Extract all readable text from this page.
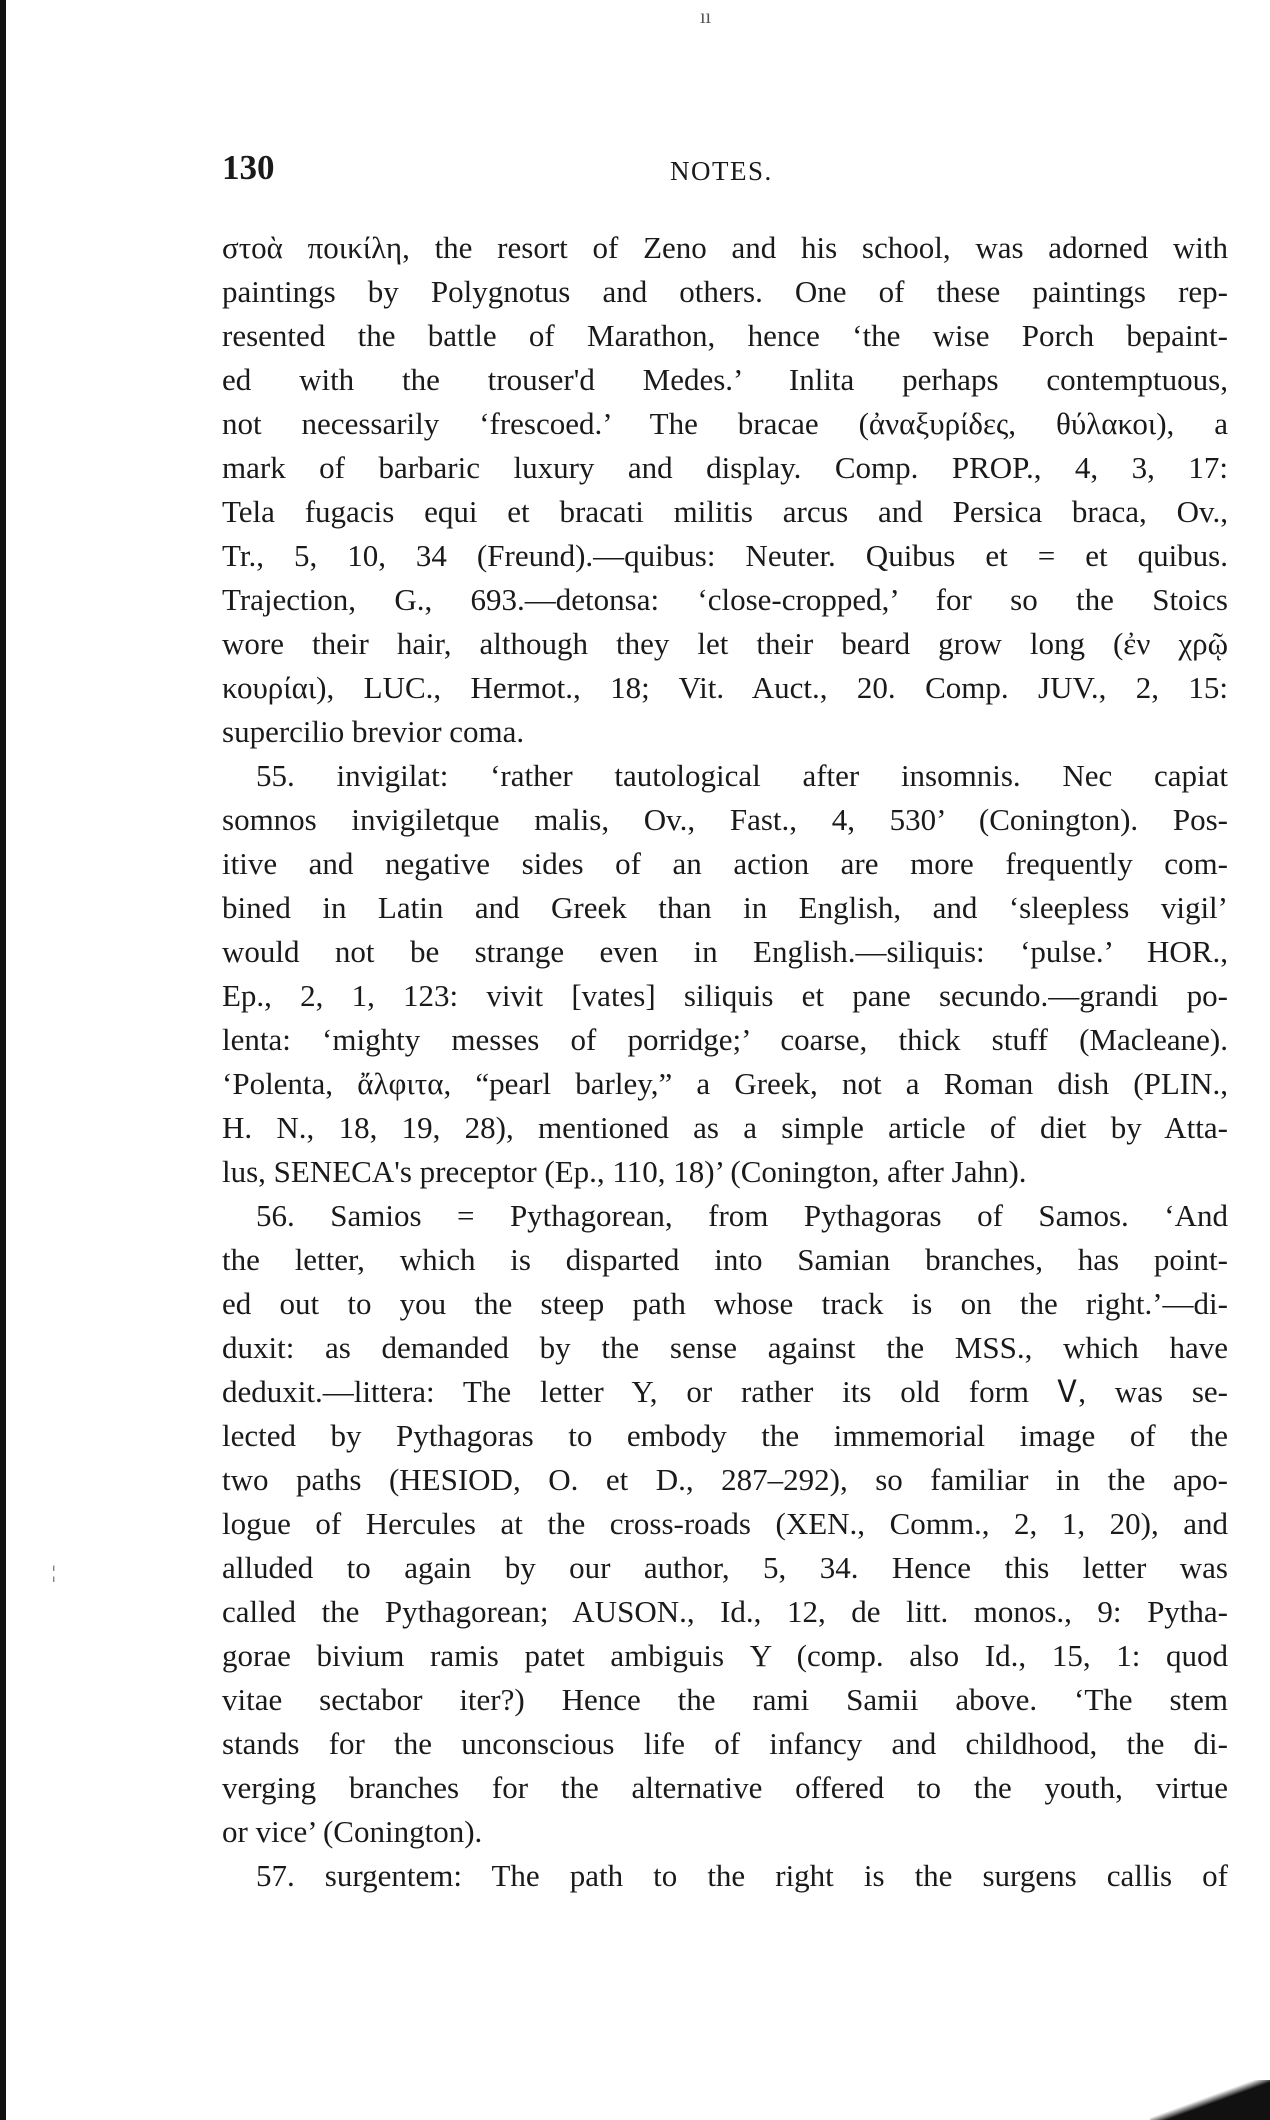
ıı
130	NOTES.
στοὰ ποικίλη, the resort of Zeno and his school, was adorned with
paintings by Polygnotus and others. One of these paintings rep-
resented the battle of Marathon, hence ‘the wise Porch bepaint-
ed with the trouser'd Medes.’ Inlita perhaps contemptuous,
not necessarily ‘frescoed.’ The bracae (ἀναξυρίδες, θύλακοι), a
mark of barbaric luxury and display. Comp. PROP., 4, 3, 17:
Tela fugacis equi et bracati militis arcus and Persica braca, Ov.,
Tr., 5, 10, 34 (Freund).—quibus: Neuter. Quibus et = et quibus.
Trajection, G., 693.—detonsa: ‘close-cropped,’ for so the Stoics
wore their hair, although they let their beard grow long (ἐν χρῷ
κουρίαι), LUC., Hermot., 18; Vit. Auct., 20. Comp. JUV., 2, 15:
supercilio brevior coma.
55. invigilat: ‘rather tautological after insomnis. Nec capiat
somnos invigiletque malis, Ov., Fast., 4, 530’ (Conington). Pos-
itive and negative sides of an action are more frequently com-
bined in Latin and Greek than in English, and ‘sleepless vigil’
would not be strange even in English.—siliquis: ‘pulse.’ HOR.,
Ep., 2, 1, 123: vivit [vates] siliquis et pane secundo.—grandi po-
lenta: ‘mighty messes of porridge;’ coarse, thick stuff (Macleane).
‘Polenta, ἄλφιτα, “pearl barley,” a Greek, not a Roman dish (PLIN.,
H. N., 18, 19, 28), mentioned as a simple article of diet by Atta-
lus, SENECA's preceptor (Ep., 110, 18)’ (Conington, after Jahn).
56. Samios = Pythagorean, from Pythagoras of Samos. ‘And
the letter, which is disparted into Samian branches, has point-
ed out to you the steep path whose track is on the right.’—di-
duxit: as demanded by the sense against the MSS., which have
deduxit.—littera: The letter Y, or rather its old form Ꮩ, was se-
lected by Pythagoras to embody the immemorial image of the
two paths (HESIOD, O. et D., 287–292), so familiar in the apo-
logue of Hercules at the cross-roads (XEN., Comm., 2, 1, 20), and
alluded to again by our author, 5, 34. Hence this letter was
called the Pythagorean; AUSON., Id., 12, de litt. monos., 9: Pytha-
gorae bivium ramis patet ambiguis Υ (comp. also Id., 15, 1: quod
vitae sectabor iter?) Hence the rami Samii above. ‘The stem
stands for the unconscious life of infancy and childhood, the di-
verging branches for the alternative offered to the youth, virtue
or vice’ (Conington).
57. surgentem: The path to the right is the surgens callis of
¦
